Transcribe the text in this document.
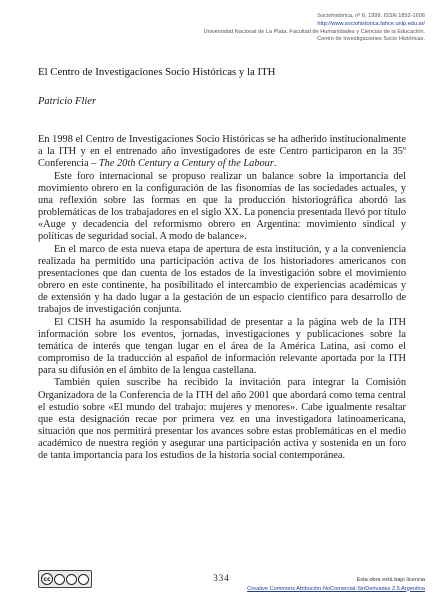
Sociohistórica, nº 6, 1999. ISSN 1852-1606
http://www.sociohistorica.fahce.unlp.edu.ar/
Universidad Nacional de La Plata. Facultad de Humanidades y Ciencias de la Educación.
Centro de Investigaciones Socio Históricas.
El Centro de Investigaciones Socio Históricas y la ITH
Patricio Flier

En 1998 el Centro de Investigaciones Socio Históricas se ha adherido institucionalmente a la ITH y en el entrenado año investigadores de este Centro participaron en la 35º Conferencia – The 20th Century a Century of the Labour.

Este foro internacional se propuso realizar un balance sobre la importancia del movimiento obrero en la configuración de las fisonomías de las sociedades actuales, y una reflexión sobre las formas en que la producción historiográfica abordó las problemáticas de los trabajadores en el siglo XX. La ponencia presentada llevó por título «Auge y decadencia del reformismo obrero en Argentina: movimiento sindical y políticas de seguridad social. A modo de balance».

En el marco de esta nueva etapa de apertura de esta institución, y a la conveniencia realizada ha permitido una participación activa de los historiadores americanos con presentaciones que dan cuenta de los estados de la investigación sobre el movimiento obrero en este continente, ha posibilitado el intercambio de experiencias académicas y de extensión y ha dado lugar a la gestación de un espacio científico para desarrollo de trabajos de investigación conjunta.

El CISH ha asumido la responsabilidad de presentar a la página web de la ITH información sobre los eventos, jornadas, investigaciones y publicaciones sobre la temática de interés que tengan lugar en el área de la América Latina, así como el compromiso de la traducción al español de información relevante aportada por la ITH para su difusión en el ámbito de la lengua castellana.

También quien suscribe ha recibido la invitación para integrar la Comisión Organizadora de la Conferencia de la ITH del año 2001 que abordará como tema central el estudio sobre «El mundo del trabajo: mujeres y menores». Cabe igualmente resaltar que esta designación recae por primera vez en una investigadora latinoamericana, situación que nos permitirá presentar los avances sobre estas problemáticas en el medio académico de nuestra región y asegurar una participación activa y sostenida en un foro de tanta importancia para los estudios de la historia social contemporánea.

cc	334	Esta obra está bajo licencia
Creative Commons Atribución-NoComercial-SinDerivadas 2.5 Argentina
